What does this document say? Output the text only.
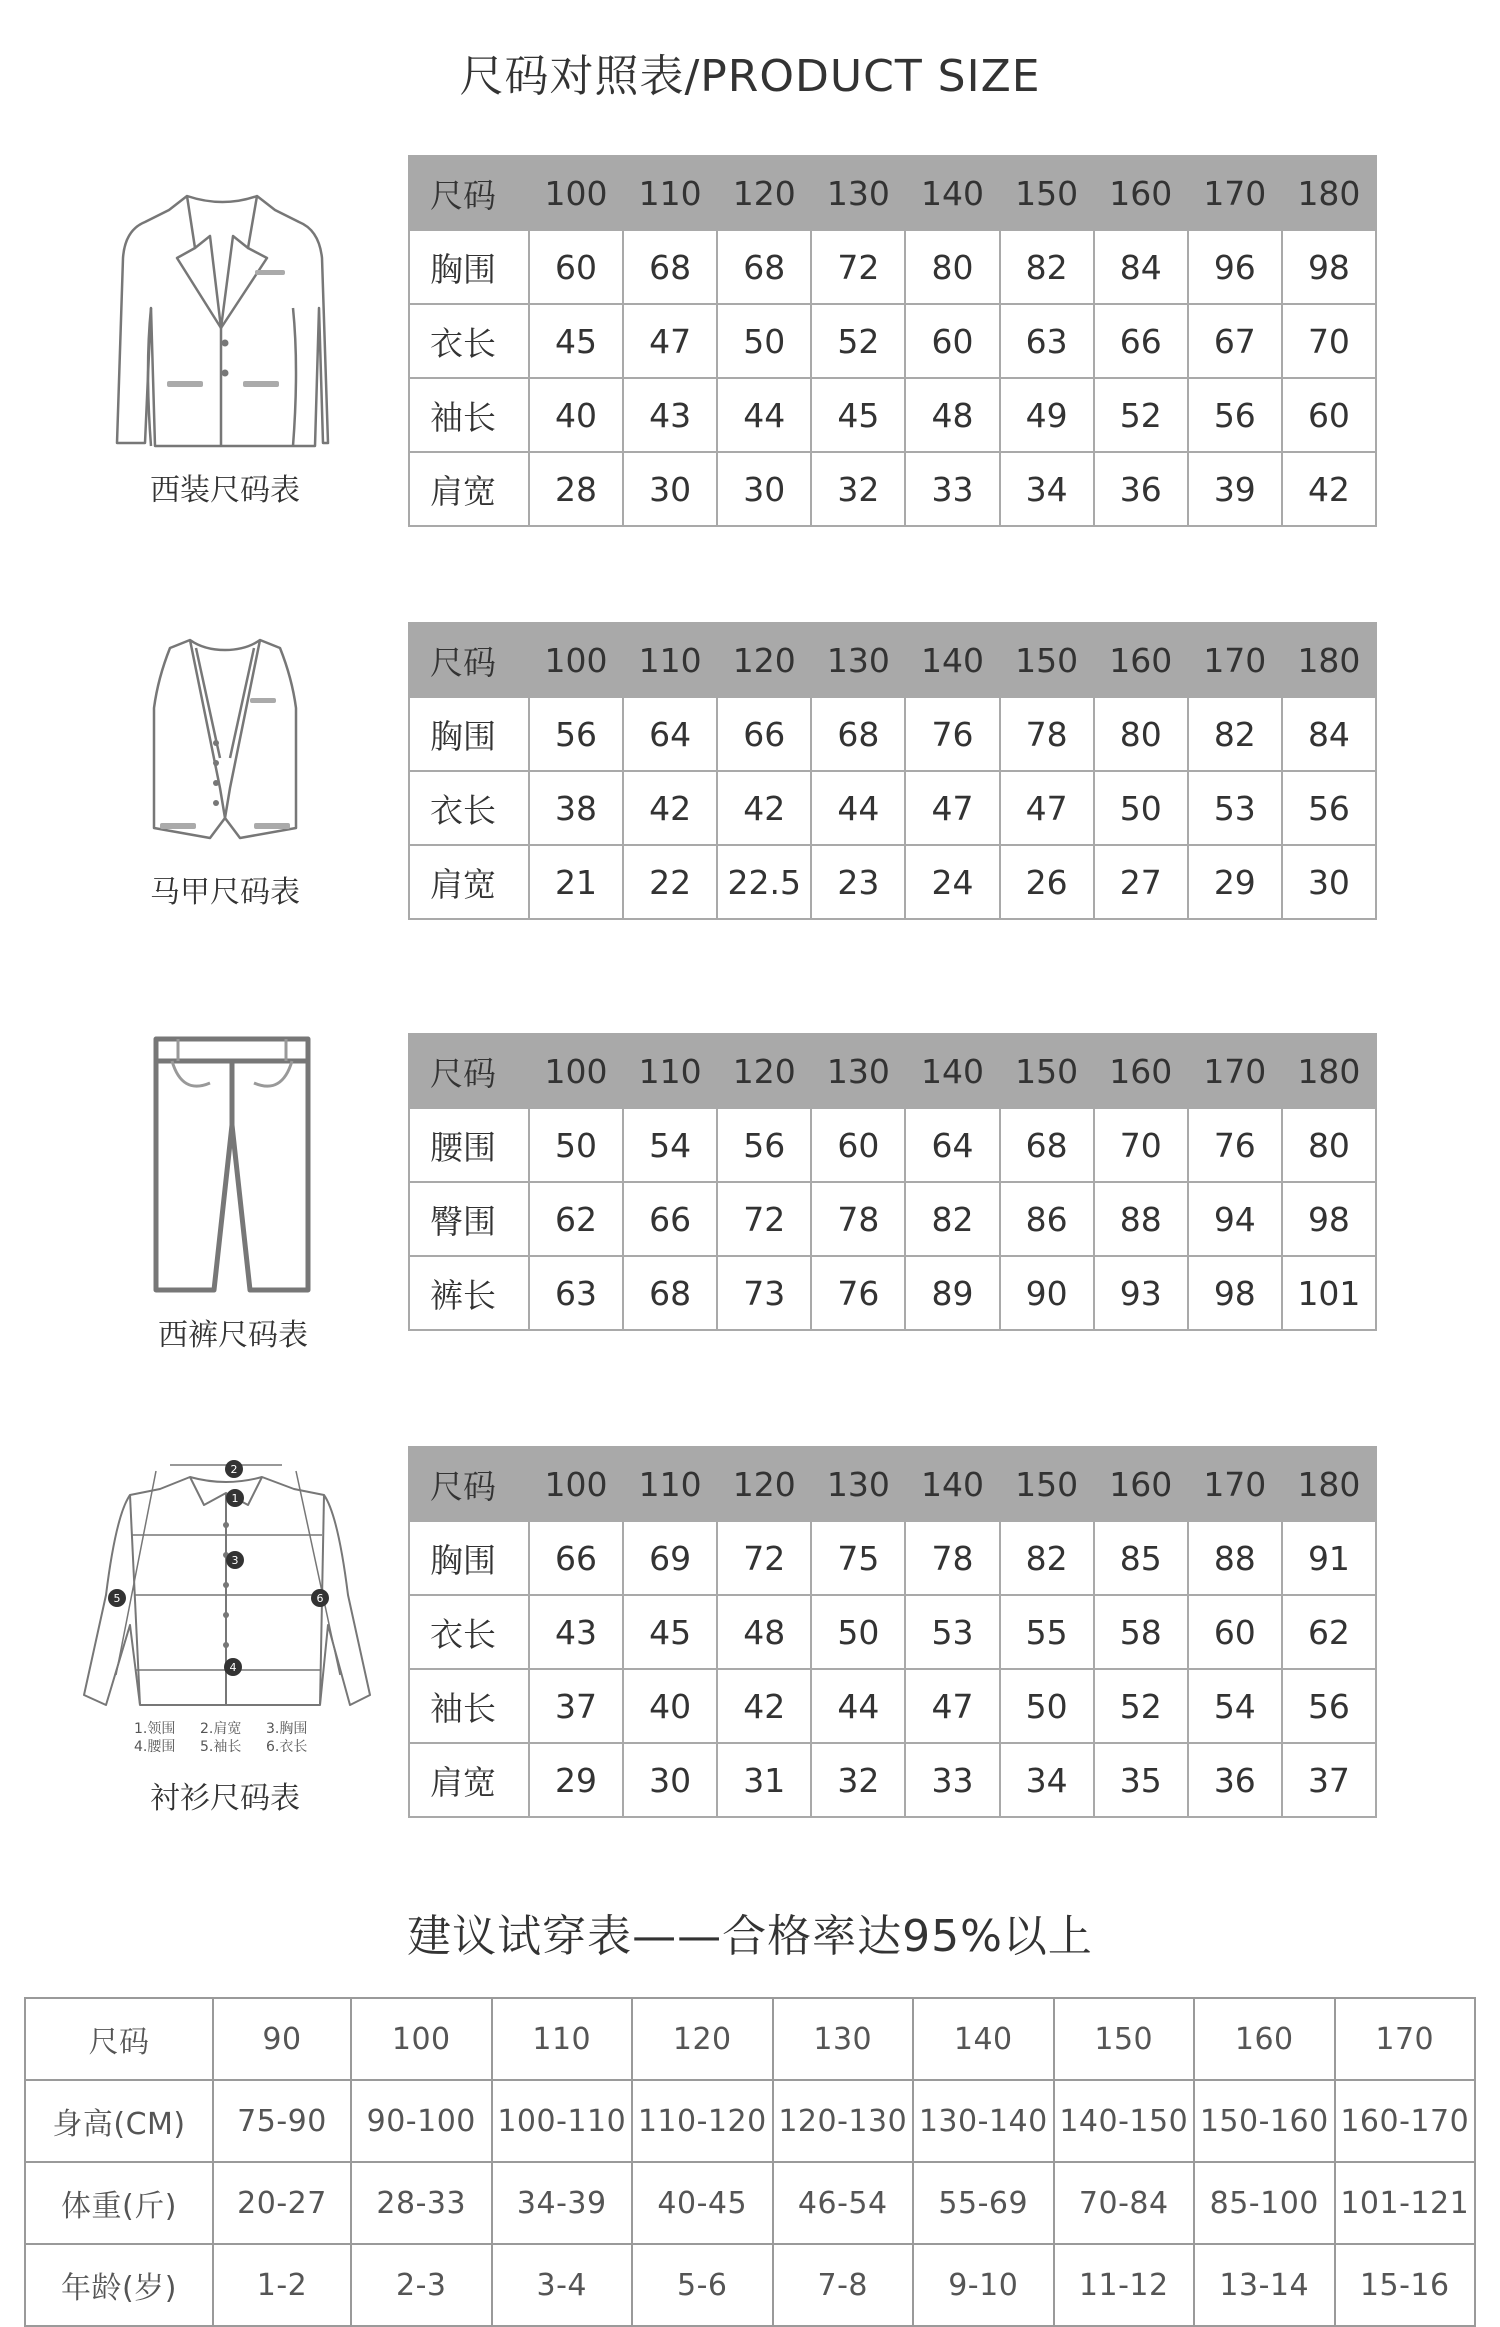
尺码对照表/PRODUCT SIZE
西装尺码表
尺码	100	110	120	130	140	150	160	170	180
胸围	60	68	68	72	80	82	84	96	98
衣长	45	47	50	52	60	63	66	67	70
袖长	40	43	44	45	48	49	52	56	60
肩宽	28	30	30	32	33	34	36	39	42
马甲尺码表
尺码	100	110	120	130	140	150	160	170	180
胸围	56	64	66	68	76	78	80	82	84
衣长	38	42	42	44	47	47	50	53	56
肩宽	21	22	22.5	23	24	26	27	29	30
西裤尺码表
尺码	100	110	120	130	140	150	160	170	180
腰围	50	54	56	60	64	68	70	76	80
臀围	62	66	72	78	82	86	88	94	98
裤长	63	68	73	76	89	90	93	98	101
1
2
3
4
5	6
1.领围 2.肩宽 3.胸围
4.腰围 5.袖长 6.衣长
衬衫尺码表
尺码	100	110	120	130	140	150	160	170	180
胸围	66	69	72	75	78	82	85	88	91
衣长	43	45	48	50	53	55	58	60	62
袖长	37	40	42	44	47	50	52	54	56
肩宽	29	30	31	32	33	34	35	36	37
建议试穿表——合格率达95%以上
尺码	90	100	110	120	130	140	150	160	170
身高(CM)	75-90	90-100	100-110	110-120	120-130	130-140	140-150	150-160	160-170
体重(斤)	20-27	28-33	34-39	40-45	46-54	55-69	70-84	85-100	101-121
年龄(岁)	1-2	2-3	3-4	5-6	7-8	9-10	11-12	13-14	15-16
